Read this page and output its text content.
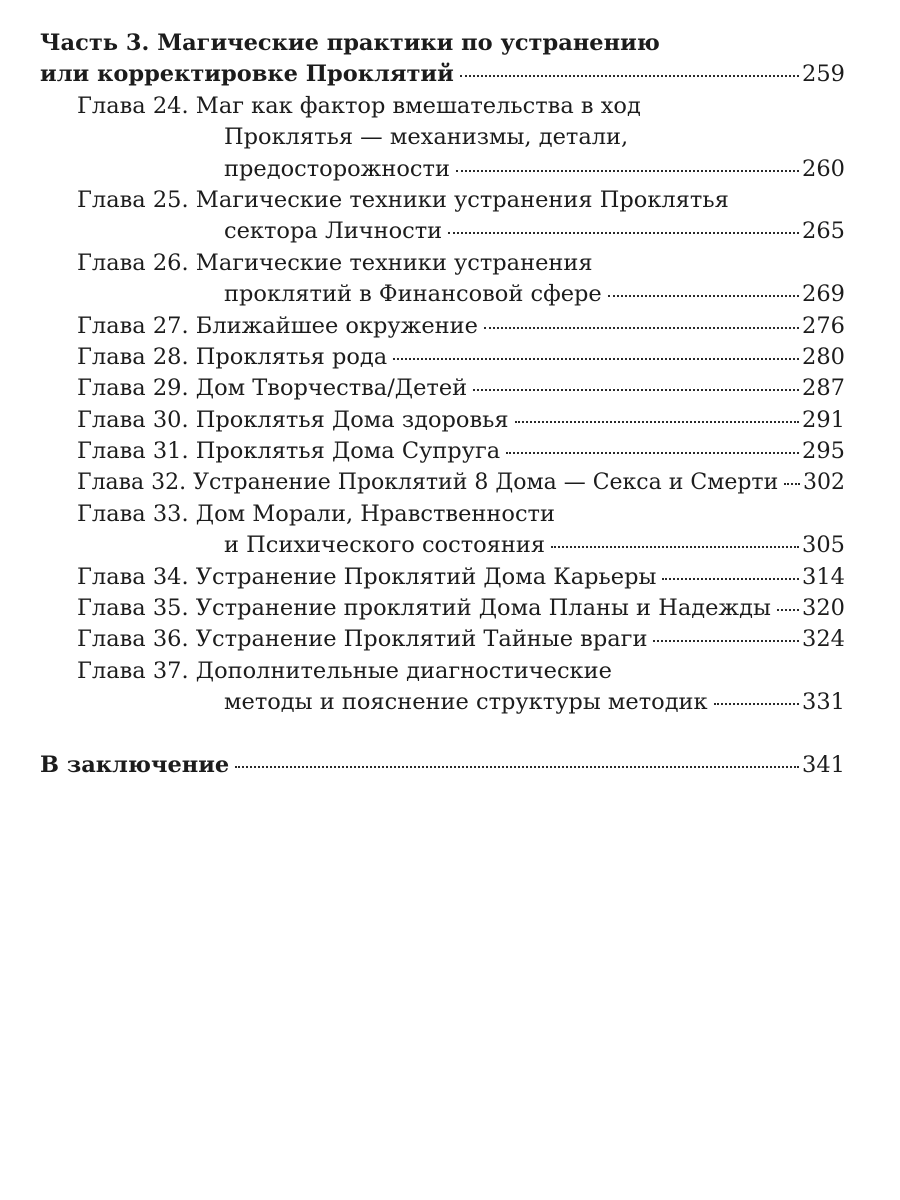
Часть 3. Магические практики по устранению
или корректировке Проклятий	259
Глава 24. Маг как фактор вмешательства в ход
Проклятья — механизмы, детали,
предосторожности	260
Глава 25. Магические техники устранения Проклятья
сектора Личности	265
Глава 26. Магические техники устранения
проклятий в Финансовой сфере	269
Глава 27. Ближайшее окружение	276
Глава 28. Проклятья рода	280
Глава 29. Дом Творчества/Детей	287
Глава 30. Проклятья Дома здоровья	291
Глава 31. Проклятья Дома Супруга	295
Глава 32. Устранение Проклятий 8 Дома — Секса и Смерти 302
Глава 33. Дом Морали, Нравственности
и Психического состояния	305
Глава 34. Устранение Проклятий Дома Карьеры	314
Глава 35. Устранение проклятий Дома Планы и Надежды 320
Глава 36. Устранение Проклятий Тайные враги	324
Глава 37. Дополнительные диагностические
методы и пояснение структуры методик	331
В заключение	341
